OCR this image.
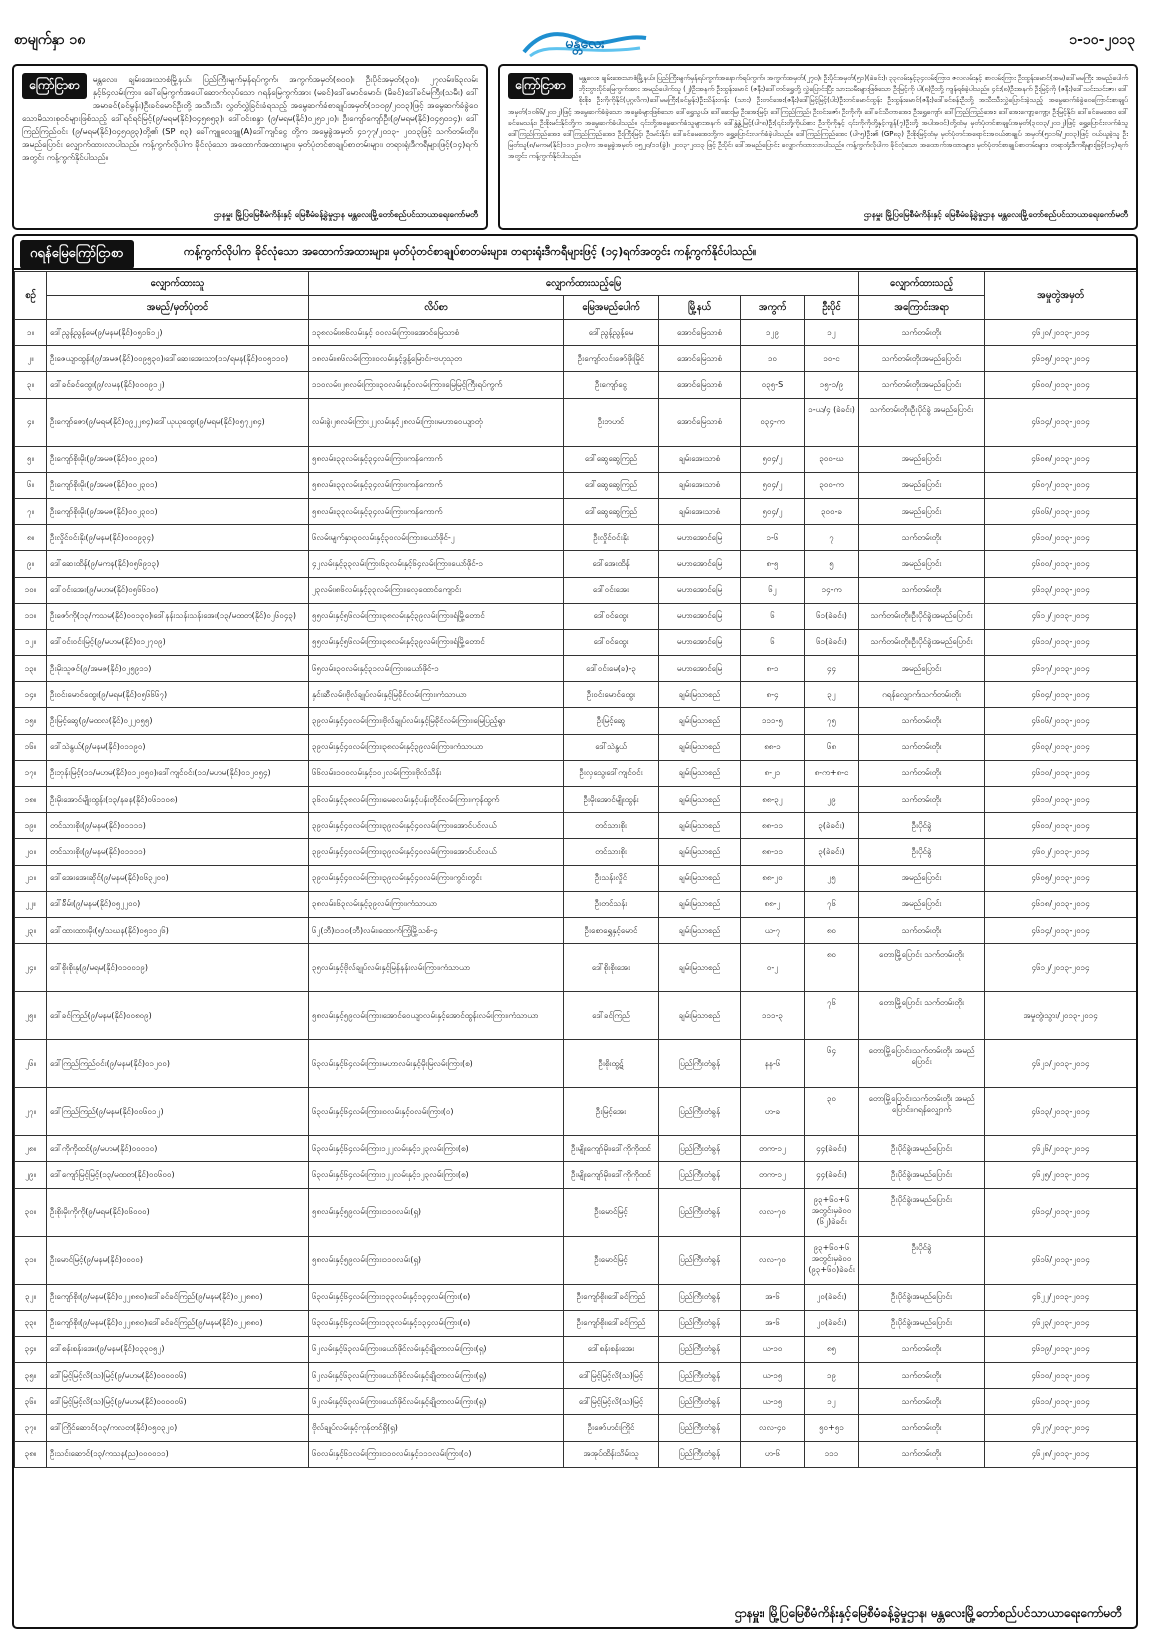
စာမျက်နှာ ၁၈	မန္တလေး	၁-၁၀-၂၀၁၃
ကြော်ငြာစာ	မန္တလေး၊ ချမ်းအေးသာစံမြို့နယ်၊ ပြည်ကြီးမျက်မှန်ရပ်ကွက်၊ အကွက်အမှတ်(၈၀၀)၊ ဦးပိုင်အမှတ်(၃၀)၊ ၂၇လမ်း၊၆၃လမ်းနှင့်၆၄လမ်းကြား၊ ခေါ်မြေကွက်အပေါ်ဆောက်လုပ်သော ဂရန်မြေကွက်အား (မခင်)ဒေါ်မောင်မောင်၊ (မိခင်)ဒေါ်ခင်မကြီး(သမီး) ဒေါ်အမာခင်(ခင်မွန်း)ဦးခင်မောင်ဦးတို့ အသီးသီး လွှတ်လွှဲခြင်းခံရသည့် အမွေဆက်ခံစာချုပ်အမှတ်(၁၁၀၉/၂၀၁၃)ဖြင့် အမွေဆက်ခံခွဲဝေသောမိသားစုဝင်များဖြစ်သည့် ဒေါ်ရင်ရင်မြင့်(၉/မရမ(နိုင်)၀၄၅၈၅၃)၊ ဒေါ်ဝင်းစန္ဒာ (၉/မရမ(နိုင်)၀၂၅၁၂၀)၊ ဦးကျော်ကျော်ဦး(၉/မရမ(နိုင်)၀၄၅၀၁၄)၊ ဒေါ်ကြည်ကြည်ဝင်း (၉/မရမ(နိုင်)၀၄၅၀၉၃)တို့၏ (SP ၈၃) ခေါ်ကျူလေဒျူ(A)ဒေါ်ကျင်ငွေ တို့က အမွေခွဲအမှတ် ၄၁၇၇/၂၀၁၃- ၂၀၁၃ဖြင့် သက်တမ်းတိုး၊ အမည်ပြောင်း လျှောက်ထားလာပါသည်။ ကန့်ကွက်လိုပါက ခိုင်လုံသော အထောက်အထားများ၊ မှတ်ပုံတင်စာချုပ်စာတမ်းများ၊ တရားရုံးဒီကရီများဖြင့်(၁၄)ရက်အတွင်း ကန့်ကွက်နိုင်ပါသည်။
ဌာနမှူး မြို့ပြမြေစီမံကိန်းနှင့် မြေစီမံခန့်ခွဲမှုဌာန မန္တလေးမြို့တော်စည်ပင်သာယာရေးကော်မတီ
ကြော်ငြာစာ	မန္တလေး၊ ချမ်းအေးသာစံမြို့နယ်၊ ပြည်ကြီးမျက်မှန်ရပ်ကွက်အနောက်ရပ်ကွက်၊ အကွက်အမှတ်(၂၇၀)၊ ဦးပိုင်အမှတ်(၅၁)(ခဲခင်း)၊ ၃၃လမ်းနှင့်၃၄လမ်းကြား၊ ဇလလမ်းနှင့် စာလမ်းကြား ဦးထွန်းမောင်(အမ)ဒေါ်မမကြီး အမည်ပေါက်ဘိုးဘွားပိုင်မြေကွက်အား အမည်ပေါက်သူ (၂)ဦးအနက် ဦးထွန်းမောင် (ဇနီး)ဒေါ်တင်ရွှေတို့ လွှဲပြောင်းပြီး သားသမီးများဖြစ်သော ဦးမြင့်ကို ပါ(၈)ဦးတို့ ကျန်ရစ်ခဲ့ပါသည်။ ၄င်း(၈)ဦးအနက် ဦးမြင့်ကို (ဇနီး)ဒေါ်သင်းသင်းဇာ၊ ဒေါ်စိုးစိုး၊ ဦးကိုကိုနိုင်(ပုဂ္ဂလိက)ဒေါ်မမကြီး(ခင်မွန်း)ဦးသိန်းတန်း (သား) ဦးတင်အေး(ဇနီး)ဒေါ်မြင့်မြင့်(ပါး)ဦးတင်မောင်ထွန်း ဦးထွန်းမောင်(ဇနီး)ဒေါ်ခင်စန်းဦးတို့ အသီးသီးလွှဲပြောင်းခဲ့သည့် အမွေဆက်ခံခွဲဝေကြောင်းစာချုပ်အမှတ်(၁၀၆၆/၂၀၁၂)ဖြင့် အမွေဆက်ခံခဲ့သော အမွေခံများဖြစ်သော ဒေါ်ရွှေသွယ်၊ ဒေါ်ဆေးမြ၊ ဦးအေးမြင့်၊ ဒေါ်ကြည်ကြည်၊ ဦးဝင်းဇော်၊ ဦးကိုကို၊ ဒေါ်ခင်သီတာအေး၊ ဦးရွှေကျော်၊ ဒေါ်ကြည်ကြည်အေး၊ ဒေါ်အေးကျော့ကျော့၊ ဦးမြင့်နိုင်၊ ဒေါ်ခင်မေအေး၊ ဒေါ်ခင်မေသန်း၊ ဦးစိုးမင်းနိုင်တို့က အမွေဆက်ခံပါသည်။ ၎င်းတို့အမွေဆက်ခံသူများအနက် ဒေါ်နွဲ့နွဲ့မြင့်(ပါ-၈)ဦး(၎င်းတို့ကိုယ်စား ဦးကိုကိုနှင့် ၎င်းကိုကိုတို့နှင့်ကျန်(၇)ဦးတို့ အပါအဝင်)တို့ထံမှ မှတ်ပုံတင်စာချုပ်အမှတ်(၃၀၁၃/၂၀၁၂)ဖြင့် ရွှေ့ပြောင်းလက်ခံသူ ဒေါ်ကြည်ကြည်အေး၊ ဒေါ်ကြည်ကြည်အေး၊ ဦးကြီးမြင့်၊ ဦးမင်းနိုင်၊ ဒေါ်ခင်မေအေးတို့က ရွှေ့ပြောင်းလက်ခံခဲ့ပါသည်။ ဒေါ်ကြည်ကြည်အေး (ပါ-၅)ဦး၏ (GP၈၃) ဦးစိုးမြင့်ထံမှ မှတ်ပုံတင်အရောင်းအဝယ်စာချုပ် အမှတ်(၅၁၁၆/၂၀၁၃)ဖြင့် ဝယ်ယူခဲ့သူ ဦးမြတ်သူ(၈/မကမ(နိုင်)၁၁၁၂၁၀)က အမွေခွဲအမှတ် ၀၅၂၀/၁၁(ခွဲ)၊ ၂၀၁၃-၂၀၁၃ ဖြင့် ဦးပိုင်၊ ဒေါ်အမည်ပြောင်း လျှောက်ထားလာပါသည်။ ကန့်ကွက်လိုပါက ခိုင်လုံသော အထောက်အထားများ၊ မှတ်ပုံတင်စာချုပ်စာတမ်းများ၊ တရားရုံးဒီကရီများဖြင့်(၁၄)ရက်အတွင်း ကန့်ကွက်နိုင်ပါသည်။
ဌာနမှူး မြို့ပြမြေစီမံကိန်းနှင့် မြေစီမံခန့်ခွဲမှုဌာန မန္တလေးမြို့တော်စည်ပင်သာယာရေးကော်မတီ
ဂရန်မြေကြော်ငြာစာ	ကန့်ကွက်လိုပါက ခိုင်လုံသော အထောက်အထားများ၊ မှတ်ပုံတင်စာချုပ်စာတမ်းများ၊ တရားရုံးဒီကရီများဖြင့် (၁၄)ရက်အတွင်း ကန့်ကွက်နိုင်ပါသည်။
စဉ်	လျှောက်ထားသူ	လျှောက်ထားသည့်မြေ					လျှောက်ထားသည့်	အမှုတွဲအမှတ်
	အမည်/မှတ်ပုံတင်	လိပ်စာ	မြေအမည်ပေါက်	မြို့နယ်	အကွက်	ဦးပိုင်	အကြောင်းအရာ	
၁။	ဒေါ်ညွန့်ညွန့်မေ(၉/မနမ(နိုင်)၀၅၁၆၁၂)	၁၃၈လမ်း၊၈၆လမ်းနှင့် ဝဝလမ်းကြား၊အောင်မြေသာစံ	ဒေါ်ညွန့်ညွန့်မေ	အောင်မြေသာစံ	၁၂၉	၁၂	သက်တမ်းတိုး	၄၆၂၀/၂၀၁၃-၂၀၁၄
၂။	ဦးဇေယျာထွန်း(၉/အမဇ(နိုင်)၀၀၉၅၃၀)၊ဒေါ်ဆေးအေးသာ(၁၁/ရမန(နိုင်)၀၀၅၁၁၀)	၁၈လမ်း၊၈၆လမ်းကြား၊ဝလမ်းနှင့်ဒွန့်မြောင်း-ဗဟုသုတ	ဦးကျော်လင်းဇော်ဖိုးမြိုင်	အောင်မြေသာစံ	၁၀	၁၀-င	သက်တမ်းတိုးအမည်ပြောင်း	၄၆၁၅/၂၀၁၃-၂၀၁၄
၃။	ဒေါ်ခင်ခင်ထွေး(၉/လမန(နိုင်)၀၀၀၉၁၂)	၁၁၀လမ်း၊၂၈လမ်းကြား၊၃၀လမ်းနှင့်ဝလမ်းကြား၊မြေမြင့်ကြီးရပ်ကွက်	ဦးကျော်ငွေ	အောင်မြေသာစံ	၀၃၅-S	၁၅-၁/၉	သက်တမ်းတိုးအမည်ပြောင်း	၄၆၀၀/၂၀၁၃-၂၀၁၄
၄။	ဦးကျော်ဇော(၉/မရမ(နိုင်)၀၉၂၂၈၄)၊ဒေါ်ယုယုထွေး(၉/မရမ(နိုင်)၀၅၇၂၈၄)	လမ်းခွဲ၊၂၈လမ်းကြား၂၂လမ်းနှင့်၂၈လမ်းကြား၊မဟာဝေယျာတုံ	ဦးဘဟင်	အောင်မြေသာစံ	၀၃၄-က	၁-ယ/၄ (ခဲခင်း)	သက်တမ်းတိုး၊ဦးပိုင်ခွဲ အမည်ပြောင်း	၄၆၁၄/၂၀၁၃-၂၀၁၄
၅။	ဦးကျော်စိုးမိုး(၉/အမဇ(နိုင်)၀၀၂၃၀၁)	၅၈လမ်း၊၃၃လမ်းနှင့်၃၄လမ်းကြား၊ကန်ကောက်	ဒေါ်ဆွေဆွေကြည်	ချမ်းအေးသာစံ	၅၀၄/၂	၃၀၀-ဃ	အမည်ပြောင်း	၄၆၀၈/၂၀၁၃-၂၀၁၄
၆။	ဦးကျော်စိုးမိုး(၉/အမဇ(နိုင်)၀၀၂၃၀၁)	၅၈လမ်း၊၃၃လမ်းနှင့်၃၄လမ်းကြား၊ကန်ကောက်	ဒေါ်ဆွေဆွေကြည်	ချမ်းအေးသာစံ	၅၀၄/၂	၃၀၀-က	အမည်ပြောင်း	၄၆၀၇/၂၀၁၃-၂၀၁၄
၇။	ဦးကျော်စိုးမိုး(၉/အမဇ(နိုင်)၀၀၂၃၀၁)	၅၈လမ်း၊၃၃လမ်းနှင့်၃၄လမ်းကြား၊ကန်ကောက်	ဒေါ်ဆွေဆွေကြည်	ချမ်းအေးသာစံ	၅၀၄/၂	၃၀၀-ခ	အမည်ပြောင်း	၄၆၀၆/၂၀၁၃-၂၀၁၄
၈။	ဦးလှိုင်ဝင်းနိုး(၉/မနမ(နိုင်)၀၀၀၉၃၄)	၆လမ်းမျက်နှာ၊၃၀လမ်းနှင့်၃၀လမ်းကြား၊ယော်ဖိုင်-၂	ဦးလှိုင်ဝင်းနိုး	မဟာအောင်မြေ	၁-၆	၇	သက်တမ်းတိုး	၄၆၁၀/၂၀၁၃-၂၀၁၄
၉။	ဒေါ်ဆေးထိန်(၉/မကန(နိုင်)၀၅၆၉၁၃)	၄၂လမ်းနှင့်၃၃လမ်းကြား၆၃လမ်းနှင့်၆၄လမ်းကြား၊ယော်ဖိုင်-၁	ဒေါ်အေးထိန်	မဟာအောင်မြေ	၈-၅	၅	အမည်ပြောင်း	၄၆၀၀/၂၀၁၃-၂၀၁၄
၁၀။	ဒေါ်ဝင်းအေး(၉/မဟမ(နိုင်)၀၅၆၆၁၀)	၂၃လမ်း၊၈၆လမ်းနှင့်၃၃လမ်းကြား၊လေ့ထောင်ကျောင်း	ဒေါ်ဝင်းအေး	မဟာအောင်မြေ	၆၂	၁၄-က	သက်တမ်းတိုး	၄၆၁၃/၂၀၁၃-၂၀၁၄
၁၁။	ဦးဇော်ကို(၁၃/ကသမ(နိုင်)၀၀၁၃၀)၊ဒေါ်နန်းသန်းသန်းအေး(၁၃/မထတ(နိုင်)၀၂၆၀၄၃)	၅၅လမ်းနှင့်၅၆လမ်းကြား၊၃၈လမ်းနှင့်၃၉လမ်းကြား၊ရံမြို့တောင်	ဒေါ်ဝင်ထွေး	မဟာအောင်မြေ	၆	၆၁(ခဲခင်း)	သက်တမ်းတိုး၊ဦးပိုင်ခွဲ၊အမည်ပြောင်း	၄၆၁၂/၂၀၁၃-၂၀၁၄
၁၂။	ဒေါ်ဝင်းဝင်းမြင့်(၉/မဟမ(နိုင်)၀၁၂၇၀၉)	၅၅လမ်းနှင့်၅၆လမ်းကြား၊၃၈လမ်းနှင့်၃၉လမ်းကြား၊ရံမြို့တောင်	ဒေါ်ဝင်ထွေး	မဟာအောင်မြေ	၆	၆၁(ခဲခင်း)	သက်တမ်းတိုး၊ဦးပိုင်ခွဲ၊အမည်ပြောင်း	၄၆၁၁/၂၀၁၃-၂၀၁၄
၁၃။	ဦးမိုးသူဇင်(၉/အမဇ(နိုင်)၀၂၅၉၁၁)	၆၅လမ်း၊၃၀လမ်းနှင့်၃၁လမ်းကြား၊ယော်ဖိုင်-၁	ဒေါ်ဝင်းမေ(ခ)-၃	မဟာအောင်မြေ	၈-၁	၄၄	အမည်ပြောင်း	၄၆၁၇/၂၀၁၃-၂၀၁၄
၁၄။	ဦးဝင်းမောင်ထွေး(၉/မရမ(နိုင်)၀၅၆၆၆၇)	နှင်းဆီလမ်း၊ဗိုလ်ချုပ်လမ်းနှင့်မြခိုင်လမ်းကြား၊ကံသာယာ	ဦးဝင်းမောင်ထွေး	ချမ်းမြသာစည်	၈-၄	၃၂	ဂရန်လျှောက်၊သက်တမ်းတိုး	၄၆၀၄/၂၀၁၃-၂၀၁၄
၁၅။	ဦးမြင့်ဆွေ(၉/မထလ(နိုင်)၀၂၂၀၅၅)	၃၉လမ်းနှင့်၄၀လမ်းကြား၊ဗိုလ်ချုပ်လမ်းနှင့်မြခိုင်လမ်းကြား၊မြေပြည့်ရွာ	ဦးမြင့်ဆွေ	ချမ်းမြသာစည်	၁၁၁-၅	၇၅	သက်တမ်းတိုး	၄၆၀၆/၂၀၁၃-၂၀၁၄
၁၆။	ဒေါ်သဲနွယ်(၉/မနမ(နိုင်)၀၁၁၉၀)	၃၉လမ်းနှင့်၄၀လမ်းကြား၊၃၈လမ်းနှင့်၃၉လမ်းကြား၊ကံသာယာ	ဒေါ်သဲနွယ်	ချမ်းမြသာစည်	၈၈-၁	၆၈	သက်တမ်းတိုး	၄၆၀၃/၂၀၁၃-၂၀၁၄
၁၇။	ဦးဘုန်းမြင့်(၁၁/မဟမ(နိုင်)၀၁၂၀၅၀)၊ဒေါ်ကျင်ဝင်း(၁၁/မဟမ(နိုင်)၀၁၂၀၅၄)	၆၆လမ်း၊၁၀၀လမ်းနှင့်၁၀၂လမ်းကြား၊ဗိုလ်သိန်း	ဦးလှသွေ၊ဒေါ်ကျင်ဝင်း	ချမ်းမြသာစည်	၈-၂၁	၈-က+၈-င	သက်တမ်းတိုး	၄၆၁၀/၂၀၁၃-၂၀၁၄
၁၈။	ဦးမိုးအောင်မျိုးထွန်း(၁၃/နခန(နိုင်)၀၆၁၁၀၈)	၃၆လမ်းနှင့်၃၈လမ်းကြား၊မေခလမ်းနှင့်ပန်းတိုင်လမ်းကြား၊ကုန်ထွက်	ဦးမိုးအောင်မျိုးထွန်း	ချမ်းမြသာစည်	၈၈-၃၂	၂၉	သက်တမ်းတိုး	၄၆၁၁/၂၀၁၃-၂၀၁၄
၁၉။	တင်သားစိုး(၉/မနမ(နိုင်)၀၁၁၁၁)	၃၉လမ်းနှင့်၄၀လမ်းကြား၊၃၉လမ်းနှင့်၄၀လမ်းကြား၊အောင်ပင်လယ်	တင်သားစိုး	ချမ်းမြသာစည်	၈၈-၁၁	၃(ခဲခင်း)	ဦးပိုင်ခွဲ	၄၆၀၁/၂၀၁၃-၂၀၁၄
၂၀။	တင်သားစိုး(၉/မနမ(နိုင်)၀၁၁၁၁)	၃၉လမ်းနှင့်၄၀လမ်းကြား၊၃၉လမ်းနှင့်၄၀လမ်းကြား၊အောင်ပင်လယ်	တင်သားစိုး	ချမ်းမြသာစည်	၈၈-၁၁	၃(ခဲခင်း)	ဦးပိုင်ခွဲ	၄၆၀၂/၂၀၁၃-၂၀၁၄
၂၁။	ဒေါ်အေးအေးဆိုင်(၉/မနမ(နိုင်)၀၆၃၂၀၀)	၃၉လမ်းနှင့်၄၀လမ်းကြား၊၃၉လမ်းနှင့်၄၀လမ်းကြား၊ကွင်းတွင်း	ဦးသန်းလှိုင်	ချမ်းမြသာစည်	၈၈-၂၀	၂၅	အမည်ပြောင်း	၄၆၀၅/၂၀၁၃-၂၀၁၄
၂၂။	ဒေါ်ခ်ိမ်း(၉/မနမ(နိုင်)၀၅၂၂၀၀)	၃၈လမ်း၊၆၃လမ်းနှင့်၃၉လမ်းကြား၊ကံသာယာ	ဦးတင်သန်း	ချမ်းမြသာစည်	၈၈-၂	၇၆	အမည်ပြောင်း	၄၆၁၈/၂၀၁၃-၂၀၁၄
၂၃။	ဒေါ်ထားထားမိုး(၅/သဃန(နိုင်)၀၅၁၁၂၆)	၆၂(ဘီ)၊၁၁၀(ဘီ)လမ်း၊ထောက်ကြံ့မြို့သစ်-၄	ဦးစောရွှေနှင့်မောင်	ချမ်းမြသာစည်	ယ-၇	၈၀	သက်တမ်းတိုး	၄၆၁၄/၂၀၁၃-၂၀၁၄
၂၄။	ဒေါ်စိုးစိုးနု(၉/မရမ(နိုင်)၀၁၀၀၁၉)	၃၅လမ်းနှင့်ဗိုလ်ချုပ်လမ်းနှင့်မြန်နန်းလမ်းကြား၊ကံသာယာ	ဒေါ်စိုးစိုးအေး	ချမ်းမြသာစည်	၀-၂	၈၀	တောမြို့ပြောင်း သက်တမ်းတိုး	၄၆၁၂/၂၀၁၃-၂၀၁၄
၂၅။	ဒေါ်ခင်ကြည်(၉/မနမ(နိုင်)၀၀၈၀၉)	၅၈လမ်းနှင့်၅၉လမ်းကြား၊အောင်ဝေယျာလမ်းနှင့်အောင်ထွန်းလမ်းကြား၊ကံသာယာ	ဒေါ်ခင်ကြည်	ချမ်းမြသာစည်	၁၁၁-၃	၇၆	တောမြို့ပြောင်း သက်တမ်းတိုး	အမှုတွဲ၊သွား/၂၀၁၃-၂၀၁၄
၂၆။	ဒေါ်ကြည်ကြည်ဝင်း(၉/မနမ(နိုင်)၀၁၂၀၀)	၆၃လမ်းနှင့်၆၄လမ်းကြား၊မဟာလမ်းနှင့်မိုးမြလမ်းကြား(စ)	ဦးစိုးထွဋ်	ပြည်ကြီးတံခွန်	နန-၆	၆၄	တောမြို့ပြောင်း၊သက်တမ်းတိုး အမည်ပြောင်း	၄၆၂၁/၂၀၁၃-၂၀၁၄
၂၇။	ဒေါ်ကြည်ကြည်(၉/မနမ(နိုင်)၀၀၆၀၁၂)	၆၃လမ်းနှင့်၆၄လမ်းကြား၊ဝလမ်းနှင့်ဝလမ်းကြား(ဝ)	ဦးမြင့်အေး	ပြည်ကြီးတံခွန်	ဟ-ခ	၃၀	တောမြို့ပြောင်း၊သက်တမ်းတိုး အမည်ပြောင်း၊ဂရန်လျှောက်	၄၆၁၃/၂၀၁၃-၂၀၁၄
၂၈။	ဒေါ်ကိုကိုထင်(၉/မဟမ(နိုင်)၀၀၀၁၀)	၆၃လမ်းနှင့်၆၄လမ်းကြား၁၂၂လမ်းနှင့်၁၂၃လမ်းကြား(စ)	ဦးမျိုးကျော်မိုး၊ဒေါ်ကိုကိုထင်	ပြည်ကြီးတံခွန်	တက-၁၂	၄၄(ခဲခင်း)	ဦးပိုင်ခွဲ၊အမည်ပြောင်း	၄၆၂၆/၂၀၁၃-၂၀၁၄
၂၉။	ဒေါ်ကျော်မြင့်မြင့်(၁၃/မထတ(နိုင်)၀၀၆၀၀)	၆၃လမ်းနှင့်၆၄လမ်းကြား၁၂၂လမ်းနှင့်၁၂၃လမ်းကြား(စ)	ဦးမျိုးကျော်မိုး၊ဒေါ်ကိုကိုထင်	ပြည်ကြီးတံခွန်	တက-၁၂	၄၄(ခဲခင်း)	ဦးပိုင်ခွဲ၊အမည်ပြောင်း	၄၆၂၅/၂၀၁၃-၂၀၁၄
၃၀။	ဦးစိုးမိုးကိုကို(၉/မရမ(နိုင်)၀၆၀၀၀)	၅၈လမ်းနှင့်၅၉လမ်းကြား၊၁၁၀လမ်း(ရှ)	ဦးမောင်မြင့်	ပြည်ကြီးတံခွန်	လလ-၇၀	၉၃+၆၀+၆ အတွင်းမှခဲဝဝ (၆၂)ခဲခင်း	ဦးပိုင်ခွဲ၊အမည်ပြောင်း	၄၆၁၄/၂၀၁၃-၂၀၁၄
၃၁။	ဦးမောင်မြင့်(၉/မနမ(နိုင်)၀၀၀၀)	၅၈လမ်းနှင့်၅၉လမ်းကြား၊၁၁၀လမ်း(ရှ)	ဦးမောင်မြင့်	ပြည်ကြီးတံခွန်	လလ-၇၀	၉၃+၆၀+၆ အတွင်းမှခဲဝဝ (၉၃+၆၀)ခဲခင်း	ဦးပိုင်ခွဲ	၄၆၁၆/၂၀၁၃-၂၀၁၄
၃၂။	ဦးကျော်စိုး(၉/မနမ(နိုင်)၀၂၂၈၈၀)၊ဒေါ်ခင်ခင်ကြည်(၉/မနမ(နိုင်)၀၂၂၈၈၀)	၆၃လမ်းနှင့်၆၄လမ်းကြား၁၃၃လမ်းနှင့်၁၃၄လမ်းကြား(စ)	ဦးကျော်စိုး၊ဒေါ်ခင်ကြည်	ပြည်ကြီးတံခွန်	အ-၆	၂၀(ခဲခင်း)	ဦးပိုင်ခွဲ၊အမည်ပြောင်း	၄၆၂၂/၂၀၁၃-၂၀၁၄
၃၃။	ဦးကျော်စိုး(၉/မနမ(နိုင်)၀၂၂၈၈၀)၊ဒေါ်ခင်ခင်ကြည်(၉/မနမ(နိုင်)၀၂၂၈၈၀)	၆၃လမ်းနှင့်၆၄လမ်းကြား၁၃၃လမ်းနှင့်၁၃၄လမ်းကြား(စ)	ဦးကျော်စိုး၊ဒေါ်ခင်ကြည်	ပြည်ကြီးတံခွန်	အ-၆	၂၀(ခဲခင်း)	ဦးပိုင်ခွဲ၊အမည်ပြောင်း	၄၆၂၃/၂၀၁၃-၂၀၁၄
၃၄။	ဒေါ်စန်းစန်းအေး(၉/မနမ(နိုင်)၀၃၃၀၅၂)	၆၂လမ်းနှင့်၆၃လမ်းကြား၊ယော်ဖိုင်လမ်းနှင့်ချိုတာလမ်းကြား(ရှ)	ဒေါ်စန်းစန်းအေး	ပြည်ကြီးတံခွန်	ယ-၁၀	၈၅	သက်တမ်းတိုး	၄၆၁၉/၂၀၁၃-၂၀၁၄
၃၅။	ဒေါ်မြင့်မြင့်လိ(သ)မြင့်(၉/မဟမ(နိုင်)၀၀၀၀၀၆)	၆၂လမ်းနှင့်၆၃လမ်းကြား၊ယော်ဖိုင်လမ်းနှင့်ချိုတာလမ်းကြား(ရှ)	ဒေါ်မြင့်မြင့်လိ(သ)မြင့်	ပြည်ကြီးတံခွန်	ယ-၁၅	၁၉	သက်တမ်းတိုး	၄၆၁၀/၂၀၁၃-၂၀၁၄
၃၆။	ဒေါ်မြင့်မြင့်လိ(သ)မြင့်(၉/မဟမ(နိုင်)၀၀၀၀၀၆)	၆၂လမ်းနှင့်၆၃လမ်းကြား၊ယော်ဖိုင်လမ်းနှင့်ချိုတာလမ်းကြား(ရှ)	ဒေါ်မြင့်မြင့်လိ(သ)မြင့်	ပြည်ကြီးတံခွန်	ယ-၁၅	၁၂	သက်တမ်းတိုး	၄၆၁၁/၂၀၁၃-၂၀၁၄
၃၇။	ဒေါ်ကြိုင်ဆောင်(၁၃/ကလတ(နိုင်)၀၅၀၃၂၀)	ဗိုလ်ချုပ်လမ်းနှင့်ကုန်တင်ရှိ(ရှ)	ဦးဇော်ဟင်းကြိုင်	ပြည်ကြီးတံခွန်	လလ-၄၀	၅၀+၅၁	သက်တမ်းတိုး	၄၆၂၇/၂၀၁၃-၂၀၁၄
၃၈။	ဦးသင်းဆောင်(၁၃/ကသန(ည)၀၀၀၀၁၁)	၆၀လမ်းနှင့်၆၁လမ်းကြား၊၁၁၀လမ်းနှင့်၁၁၁လမ်းကြား(ဝ)	အအုပ်ထိန်းသိမ်းသူ	ပြည်ကြီးတံခွန်	ဟ-၆	၁၁၁	သက်တမ်းတိုး	၄၆၂၈/၂၀၁၃-၂၀၁၄
ဌာနမှူး၊ မြို့ပြမြေစီမံကိန်းနှင့်မြေစီမံခန့်ခွဲမှုဌာန၊ မန္တလေးမြို့တော်စည်ပင်သာယာရေးကော်မတီ
